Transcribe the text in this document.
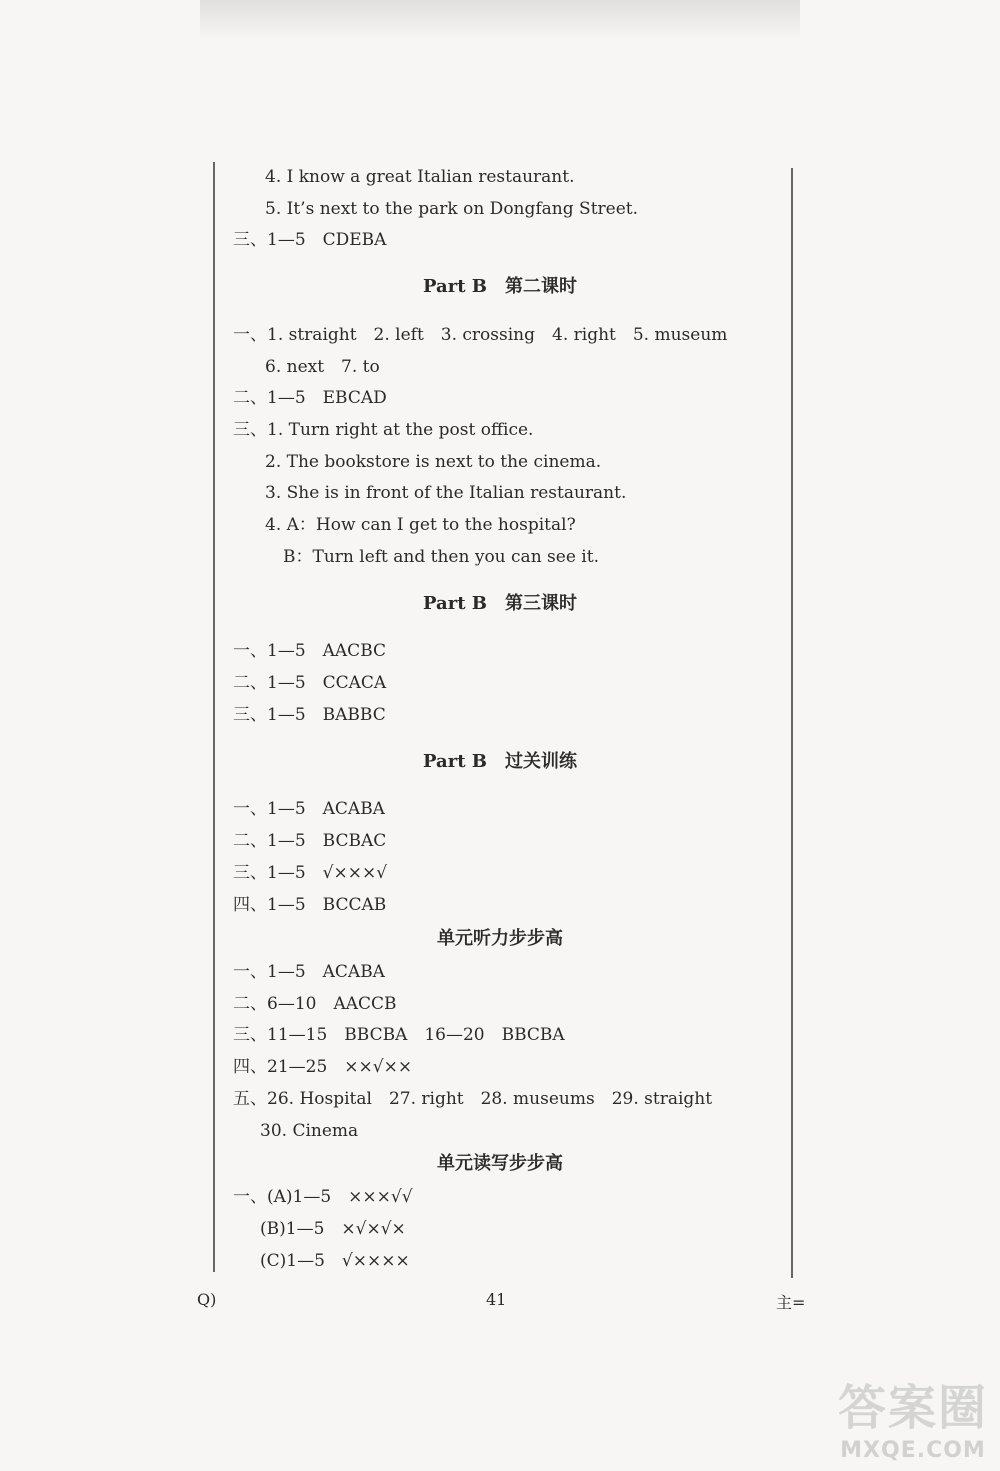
4. I know a great Italian restaurant.
5. It’s next to the park on Dongfang Street.
三、1—5　CDEBA
一、1. straight　2. left　3. crossing　4. right　5. museum
6. next　7. to
二、1—5　EBCAD
三、1. Turn right at the post office.
2. The bookstore is next to the cinema.
3. She is in front of the Italian restaurant.
4. A：How can I get to the hospital?
B：Turn left and then you can see it.
一、1—5　AACBC
二、1—5　CCACA
三、1—5　BABBC
一、1—5　ACABA
二、1—5　BCBAC
三、1—5　√×××√
四、1—5　BCCAB
一、1—5　ACABA
二、6—10　AACCB
三、11—15　BBCBA　16—20　BBCBA
四、21—25　××√××
五、26. Hospital　27. right　28. museums　29. straight
30. Cinema
一、(A)1—5　×××√√
(B)1—5　×√×√×
(C)1—5　√××××
Part B　第二课时
Part B　第三课时
Part B　过关训练
单元听力步步高
单元读写步步高
Q)	41	主=
答案圈
MXQE.COM
